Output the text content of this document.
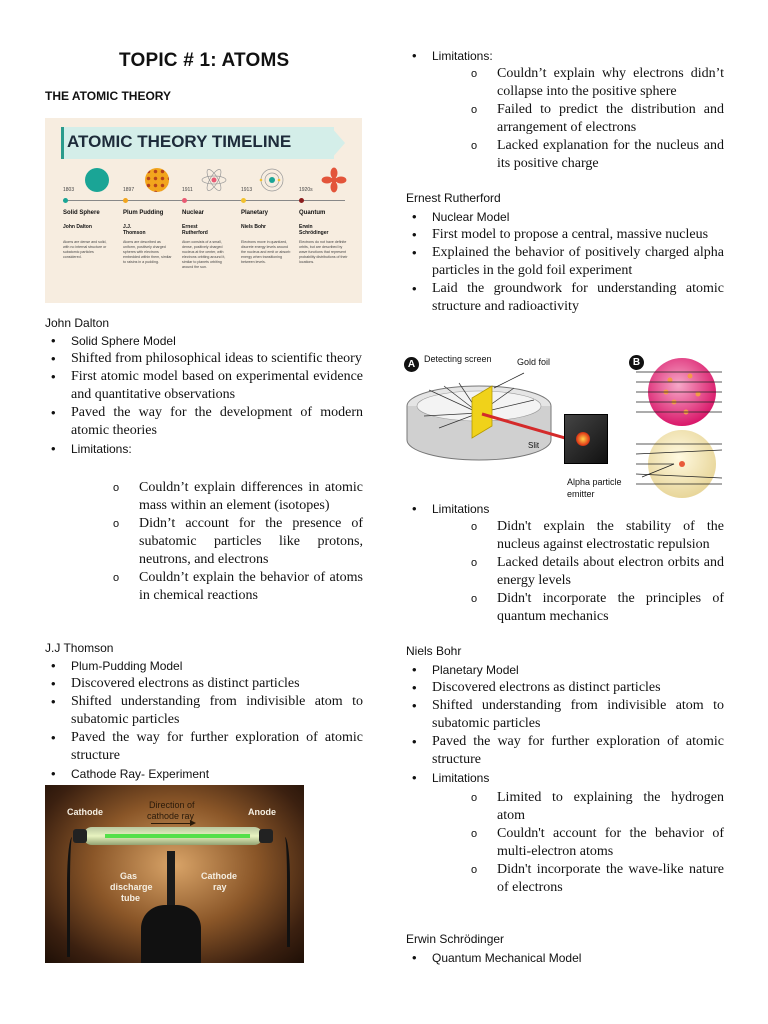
TOPIC # 1: ATOMS
THE ATOMIC THEORY
ATOMIC THEORY TIMELINE
1803
Solid Sphere
John Dalton
Atoms are dense and solid, with no internal structure or subatomic particles considered.
1897
Plum Pudding
J.J. Thomson
Atoms are described as uniform, positively charged spheres with electrons embedded within them, similar to raisins in a pudding.
1911
Nuclear
Ernest Rutherford
Atom consists of a small, dense, positively charged nucleus at the center, with electrons orbiting around it, similar to planets orbiting around the sun.
1913
Planetary
Niels Bohr
Electrons move in quantized, discrete energy levels around the nucleus and emit or absorb energy when transitioning between levels.
1920s
Quantum
Erwin Schrödinger
Electrons do not have definite orbits, but are described by wave functions that represent probability distributions of their locations.
John Dalton
• Solid Sphere Model
• Shifted from philosophical ideas to scientific theory
• First atomic model based on experimental evidence and quantitative observations
• Paved the way for the development of modern atomic theories
• Limitations:
o Couldn’t explain differences in atomic mass within an element (isotopes)
o Didn’t account for the presence of subatomic particles like protons, neutrons, and electrons
o Couldn’t explain the behavior of atoms in chemical reactions
J.J Thomson
• Plum-Pudding Model
• Discovered electrons as distinct particles
• Shifted understanding from indivisible atom to subatomic particles
• Paved the way for further exploration of atomic structure
• Cathode Ray- Experiment
Cathode	Anode
Direction of
cathode ray
Gas
discharge
tube
Cathode
ray
• Limitations:
o Couldn’t explain why electrons didn’t collapse into the positive sphere
o Failed to predict the distribution and arrangement of electrons
o Lacked explanation for the nucleus and its positive charge
Ernest Rutherford
• Nuclear Model
• First model to propose a central, massive nucleus
• Explained the behavior of positively charged alpha particles in the gold foil experiment
• Laid the groundwork for understanding atomic structure and radioactivity
A Detecting screen	Gold foil
Slit
Alpha particle
emitter
B
• Limitations
o Didn't explain the stability of the nucleus against electrostatic repulsion
o Lacked details about electron orbits and energy levels
o Didn't incorporate the principles of quantum mechanics
Niels Bohr
• Planetary Model
• Discovered electrons as distinct particles
• Shifted understanding from indivisible atom to subatomic particles
• Paved the way for further exploration of atomic structure
• Limitations
o Limited to explaining the hydrogen atom
o Couldn't account for the behavior of multi-electron atoms
o Didn't incorporate the wave-like nature of electrons
Erwin Schrödinger
• Quantum Mechanical Model
